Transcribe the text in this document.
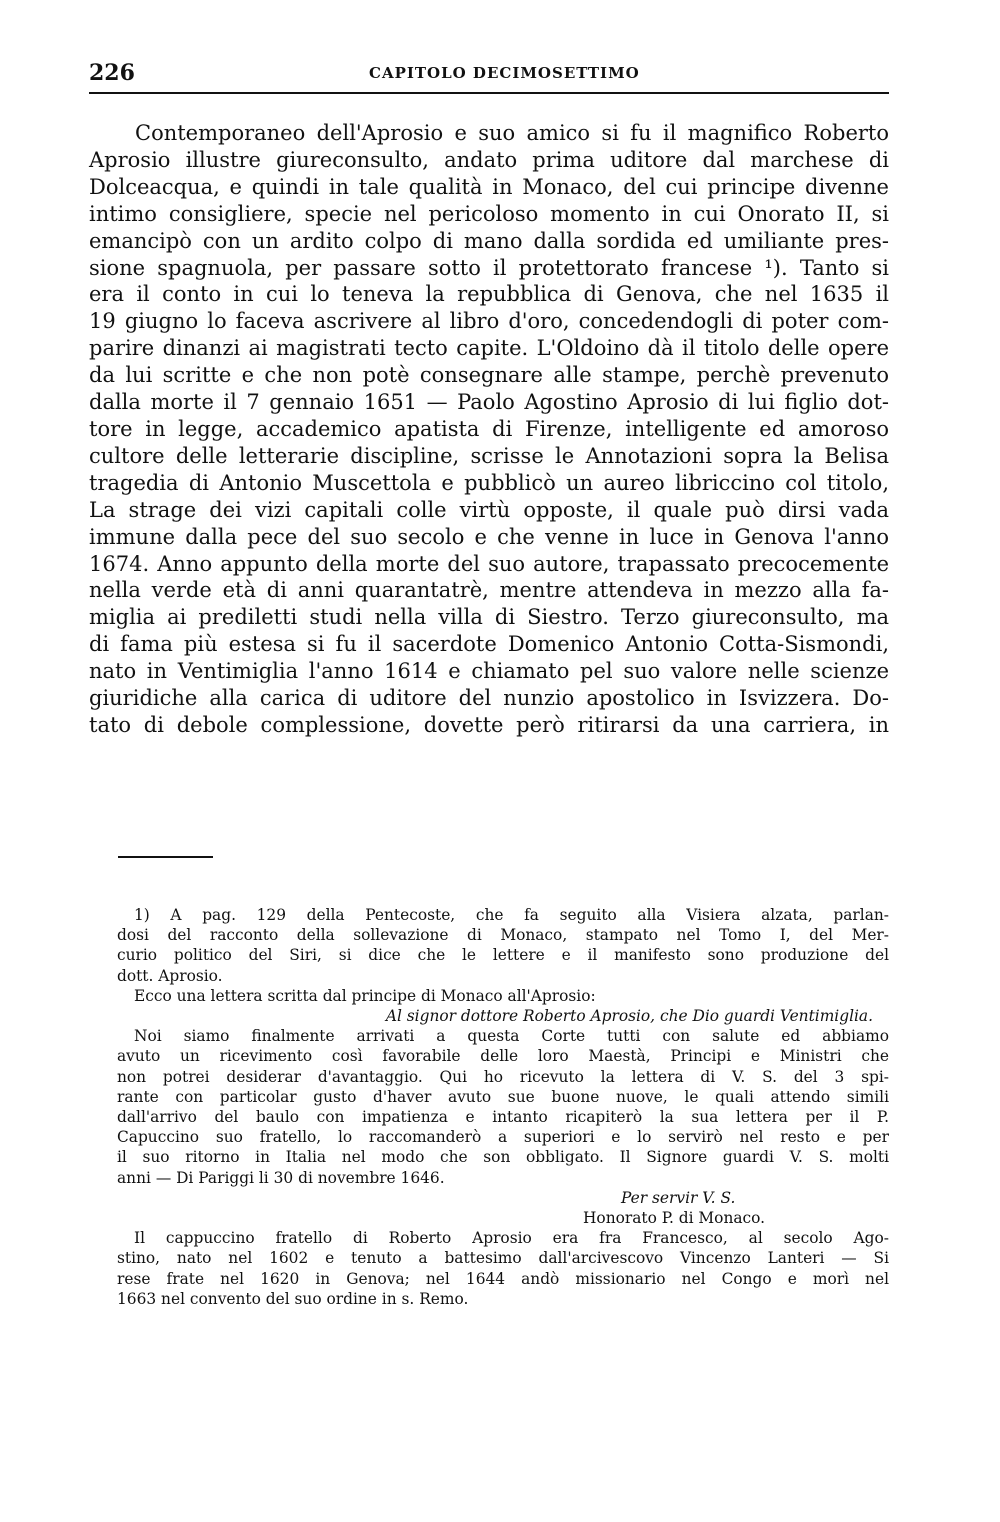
226	CAPITOLO DECIMOSETTIMO
Contemporaneo dell'Aprosio e suo amico si fu il magnifico Roberto
Aprosio illustre giureconsulto, andato prima uditore dal marchese di
Dolceacqua, e quindi in tale qualità in Monaco, del cui principe divenne
intimo consigliere, specie nel pericoloso momento in cui Onorato II, si
emancipò con un ardito colpo di mano dalla sordida ed umiliante pres-
sione spagnuola, per passare sotto il protettorato francese ¹). Tanto si
era il conto in cui lo teneva la repubblica di Genova, che nel 1635 il
19 giugno lo faceva ascrivere al libro d'oro, concedendogli di poter com-
parire dinanzi ai magistrati tecto capite. L'Oldoino dà il titolo delle opere
da lui scritte e che non potè consegnare alle stampe, perchè prevenuto
dalla morte il 7 gennaio 1651 — Paolo Agostino Aprosio di lui figlio dot-
tore in legge, accademico apatista di Firenze, intelligente ed amoroso
cultore delle letterarie discipline, scrisse le Annotazioni sopra la Belisa
tragedia di Antonio Muscettola e pubblicò un aureo libriccino col titolo,
La strage dei vizi capitali colle virtù opposte, il quale può dirsi vada
immune dalla pece del suo secolo e che venne in luce in Genova l'anno
1674. Anno appunto della morte del suo autore, trapassato precocemente
nella verde età di anni quarantatrè, mentre attendeva in mezzo alla fa-
miglia ai prediletti studi nella villa di Siestro. Terzo giureconsulto, ma
di fama più estesa si fu il sacerdote Domenico Antonio Cotta-Sismondi,
nato in Ventimiglia l'anno 1614 e chiamato pel suo valore nelle scienze
giuridiche alla carica di uditore del nunzio apostolico in Isvizzera. Do-
tato di debole complessione, dovette però ritirarsi da una carriera, in
1) A pag. 129 della Pentecoste, che fa seguito alla Visiera alzata, parlan-
dosi del racconto della sollevazione di Monaco, stampato nel Tomo I, del Mer-
curio politico del Siri, si dice che le lettere e il manifesto sono produzione del
dott. Aprosio.
Ecco una lettera scritta dal principe di Monaco all'Aprosio:
Al signor dottore Roberto Aprosio, che Dio guardi Ventimiglia.
Noi siamo finalmente arrivati a questa Corte tutti con salute ed abbiamo
avuto un ricevimento così favorabile delle loro Maestà, Principi e Ministri che
non potrei desiderar d'avantaggio. Qui ho ricevuto la lettera di V. S. del 3 spi-
rante con particolar gusto d'haver avuto sue buone nuove, le quali attendo simili
dall'arrivo del baulo con impatienza e intanto ricapiterò la sua lettera per il P.
Capuccino suo fratello, lo raccomanderò a superiori e lo servirò nel resto e per
il suo ritorno in Italia nel modo che son obbligato. Il Signore guardi V. S. molti
anni — Di Pariggi li 30 di novembre 1646.
Per servir V. S.
Honorato P. di Monaco.
Il cappuccino fratello di Roberto Aprosio era fra Francesco, al secolo Ago-
stino, nato nel 1602 e tenuto a battesimo dall'arcivescovo Vincenzo Lanteri — Si
rese frate nel 1620 in Genova; nel 1644 andò missionario nel Congo e morì nel
1663 nel convento del suo ordine in s. Remo.
